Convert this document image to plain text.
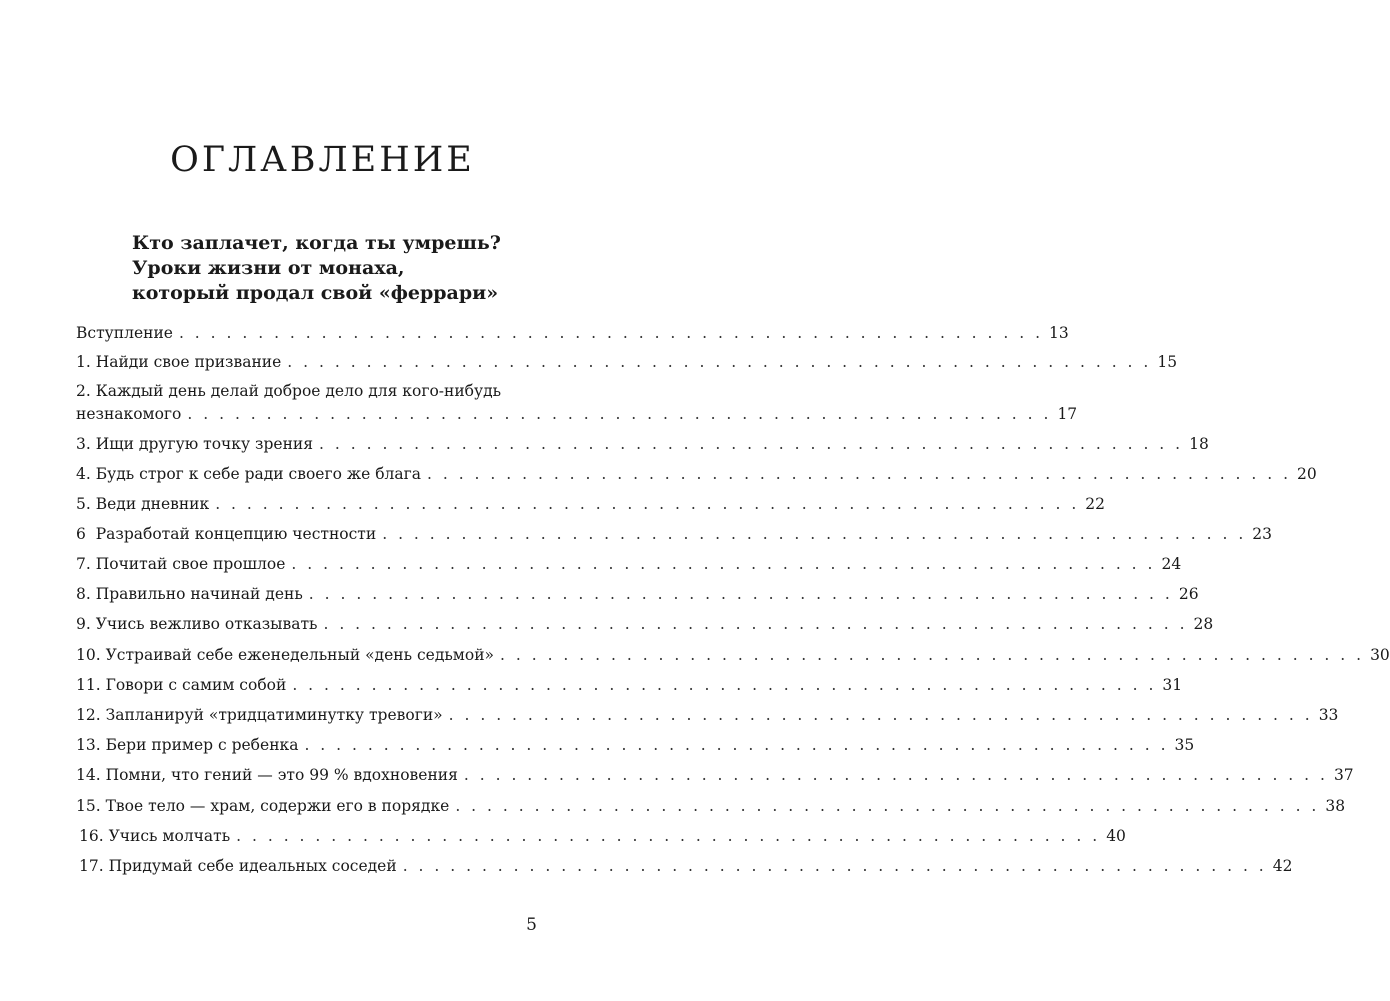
ОГЛАВЛЕНИЕ
Кто заплачет, когда ты умрешь?
Уроки жизни от монаха,
который продал свой «феррари»
Вступление . . . . . . . . . . . . . . . . . . . . . . . . . . . . . . . . . . . . . . . . . . . . . . . . . . . . . . . 13
1. Найди свое призвание . . . . . . . . . . . . . . . . . . . . . . . . . . . . . . . . . . . . . . . . . . . . . . . . . . . . . . . 15
2. Каждый день делай доброе дело для кого-нибудь
незнакомого . . . . . . . . . . . . . . . . . . . . . . . . . . . . . . . . . . . . . . . . . . . . . . . . . . . . . . . 17
3. Ищи другую точку зрения . . . . . . . . . . . . . . . . . . . . . . . . . . . . . . . . . . . . . . . . . . . . . . . . . . . . . . . 18
4. Будь строг к себе ради своего же блага . . . . . . . . . . . . . . . . . . . . . . . . . . . . . . . . . . . . . . . . . . . . . . . . . . . . . . . 20
5. Веди дневник . . . . . . . . . . . . . . . . . . . . . . . . . . . . . . . . . . . . . . . . . . . . . . . . . . . . . . . 22
6  Разработай концепцию честности . . . . . . . . . . . . . . . . . . . . . . . . . . . . . . . . . . . . . . . . . . . . . . . . . . . . . . . 23
7. Почитай свое прошлое . . . . . . . . . . . . . . . . . . . . . . . . . . . . . . . . . . . . . . . . . . . . . . . . . . . . . . . 24
8. Правильно начинай день . . . . . . . . . . . . . . . . . . . . . . . . . . . . . . . . . . . . . . . . . . . . . . . . . . . . . . . 26
9. Учись вежливо отказывать . . . . . . . . . . . . . . . . . . . . . . . . . . . . . . . . . . . . . . . . . . . . . . . . . . . . . . . 28
10. Устраивай себе еженедельный «день седьмой» . . . . . . . . . . . . . . . . . . . . . . . . . . . . . . . . . . . . . . . . . . . . . . . . . . . . . . . 30
11. Говори с самим собой . . . . . . . . . . . . . . . . . . . . . . . . . . . . . . . . . . . . . . . . . . . . . . . . . . . . . . . 31
12. Запланируй «тридцатиминутку тревоги» . . . . . . . . . . . . . . . . . . . . . . . . . . . . . . . . . . . . . . . . . . . . . . . . . . . . . . . 33
13. Бери пример с ребенка . . . . . . . . . . . . . . . . . . . . . . . . . . . . . . . . . . . . . . . . . . . . . . . . . . . . . . . 35
14. Помни, что гений — это 99 % вдохновения . . . . . . . . . . . . . . . . . . . . . . . . . . . . . . . . . . . . . . . . . . . . . . . . . . . . . . . 37
15. Твое тело — храм, содержи его в порядке . . . . . . . . . . . . . . . . . . . . . . . . . . . . . . . . . . . . . . . . . . . . . . . . . . . . . . . 38
16. Учись молчать . . . . . . . . . . . . . . . . . . . . . . . . . . . . . . . . . . . . . . . . . . . . . . . . . . . . . . . 40
17. Придумай себе идеальных соседей . . . . . . . . . . . . . . . . . . . . . . . . . . . . . . . . . . . . . . . . . . . . . . . . . . . . . . . 42
5
